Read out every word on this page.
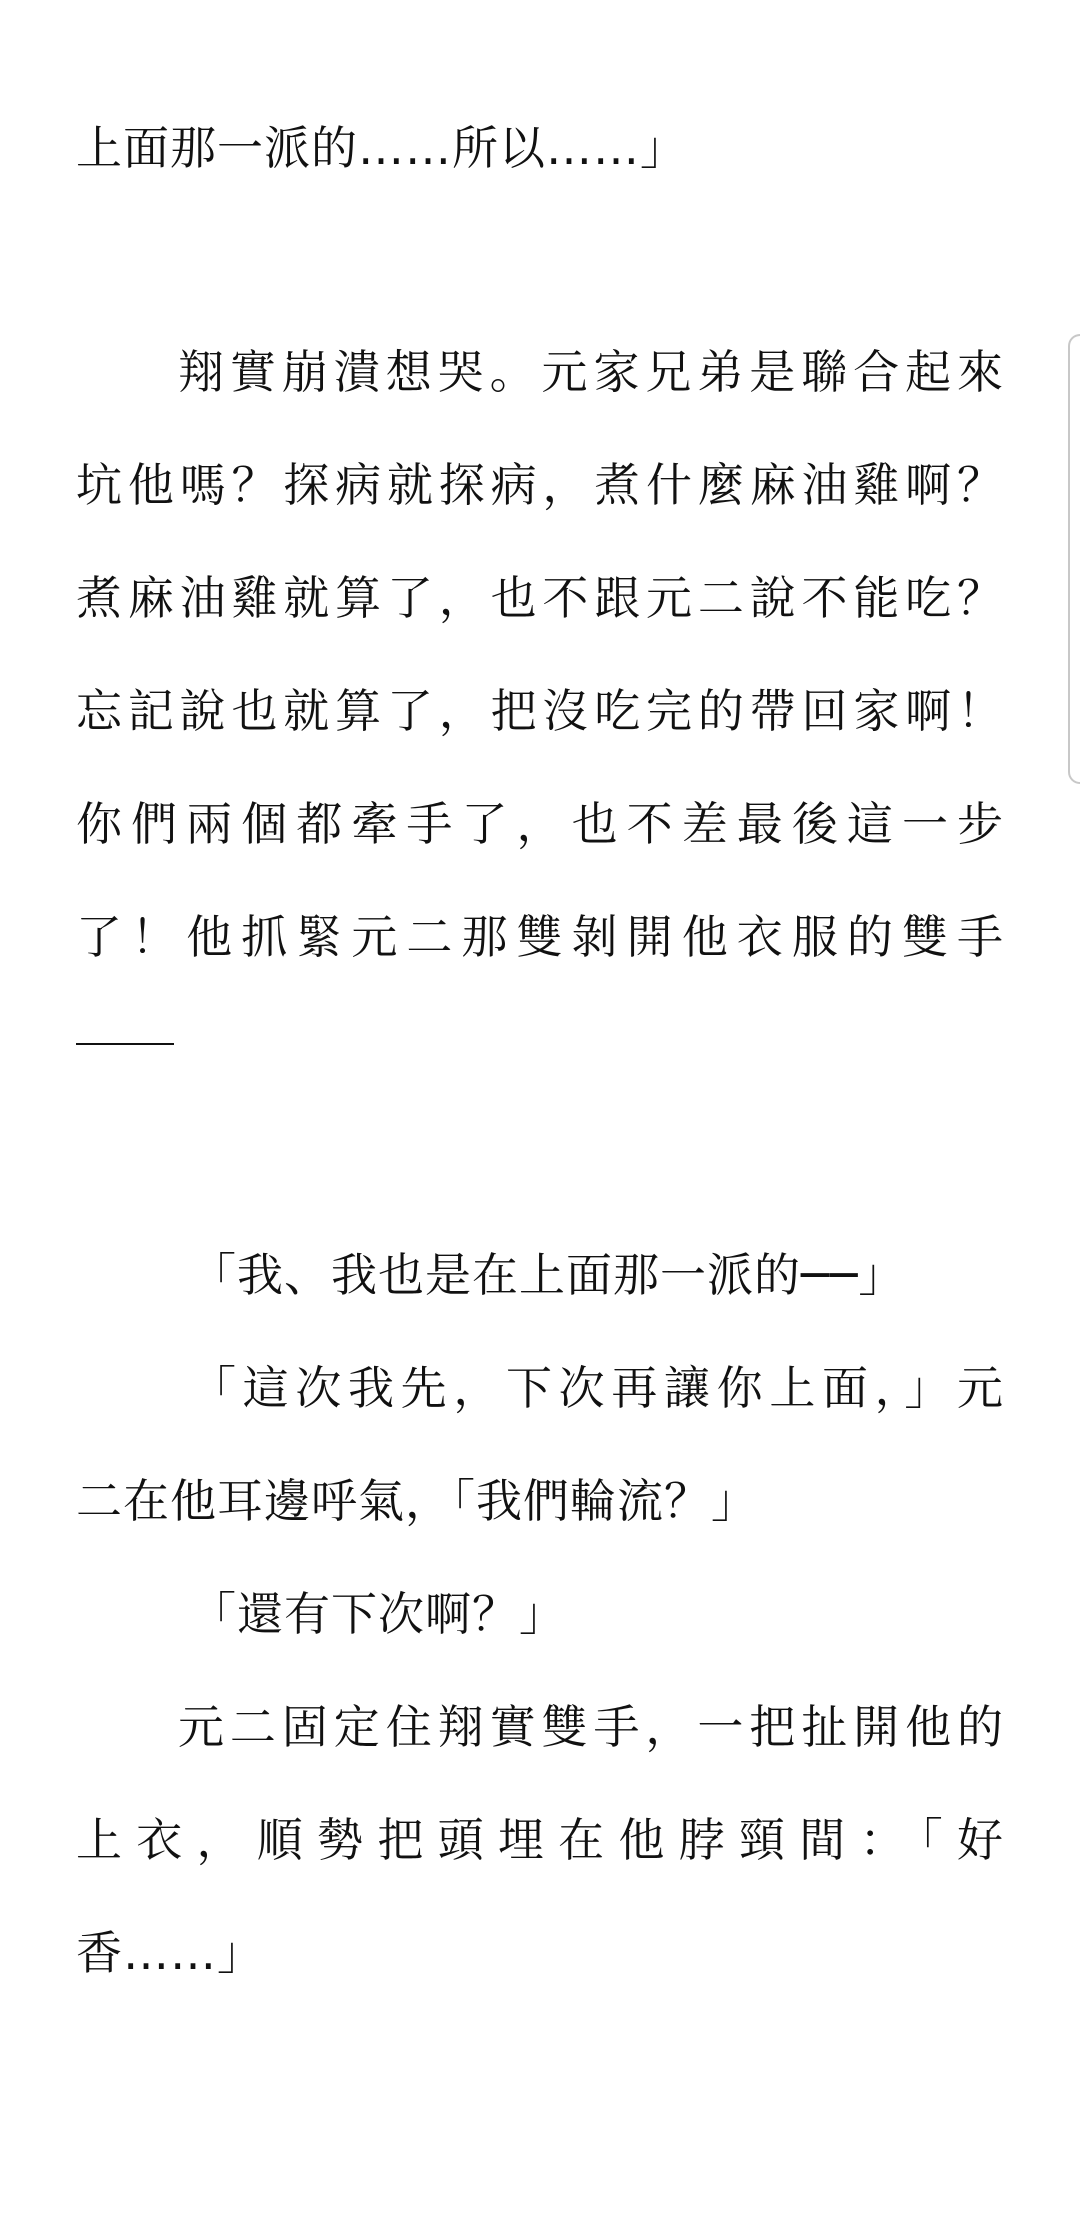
上面那一派的……所以……」
翔實崩潰想哭。元家兄弟是聯合起來
坑他嗎？探病就探病，煮什麼麻油雞啊？
煮麻油雞就算了，也不跟元二說不能吃？
忘記說也就算了，把沒吃完的帶回家啊！
你們兩個都牽手了，也不差最後這一步
了！他抓緊元二那雙剝開他衣服的雙手
「我、我也是在上面那一派的──」
「這次我先，下次再讓你上面，」元
二在他耳邊呼氣，「我們輪流？」
「還有下次啊？」
元二固定住翔實雙手，一把扯開他的
上衣，順勢把頭埋在他脖頸間：「好
香……」
